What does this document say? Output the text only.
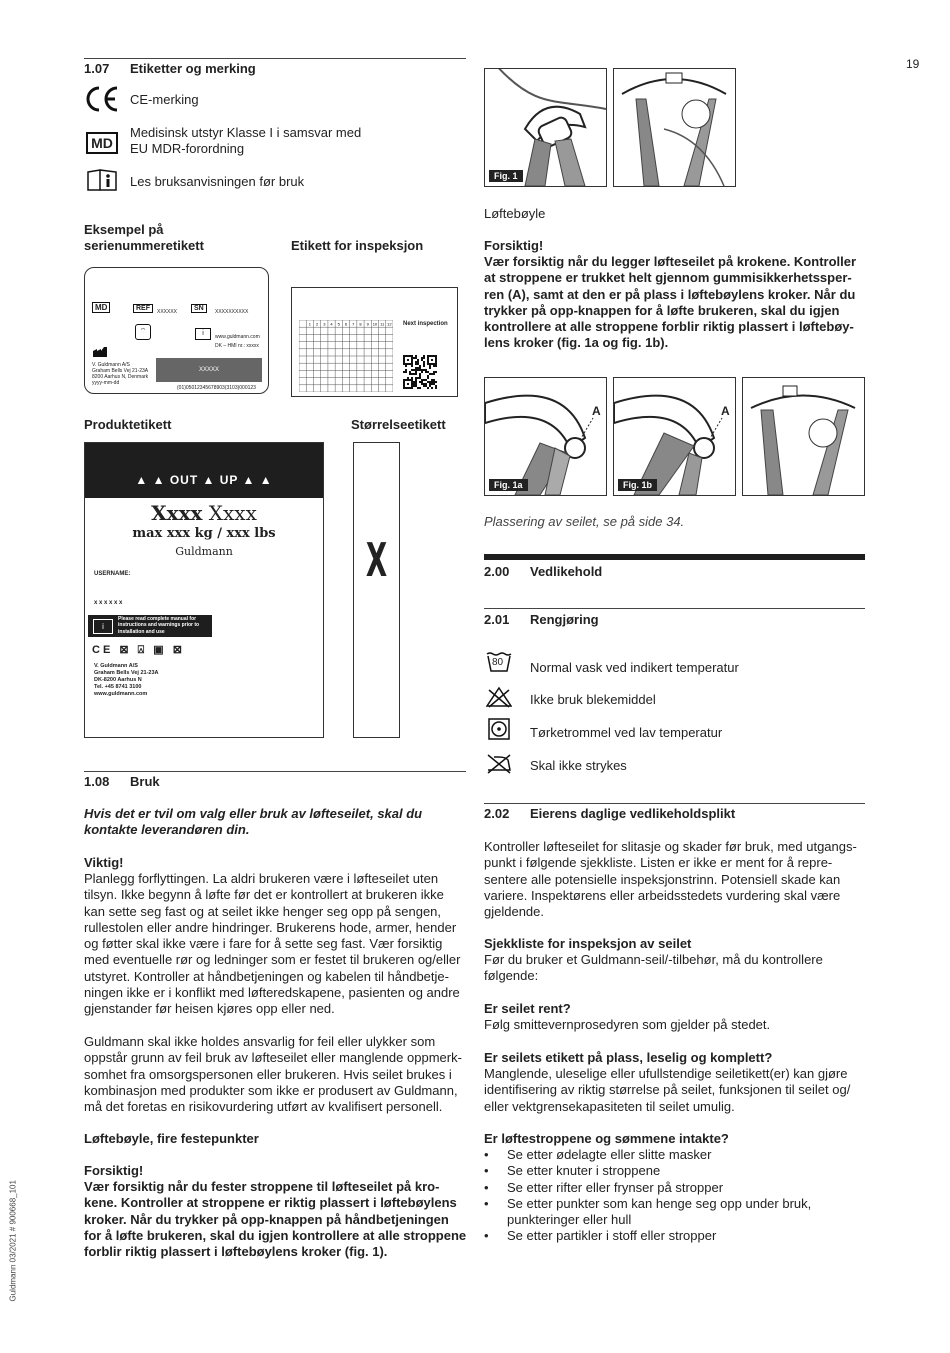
19
Guldmann 03/2021 # 900668_101
1.07 Etiketter og merking
CE-merking
MD
Medisinsk utstyr Klasse I i samsvar med
EU MDR-forordning
Les bruksanvisningen før bruk
Eksempel på
serienummeretikett	Etikett for inspeksjon
MD	REF	XXXXXX	SN	XXXXXXXXXX
⌔	i	www.guldmann.com
DK – HMI nr.: xxxxx
V. Guldmann A/S
Graham Bells Vej 21-23A
8200 Aarhus N, Denmark
yyyy-mm-dd
XXXXX
(01)05012345678903(3103)000123
1 2 3 4 5 6 7 8 9 10 11 12 Next inspection
Produktetikett	Størrelseetikett
▲ ▲ OUT ▲ UP ▲ ▲
Xxxx Xxxx
max xxx kg / xxx lbs
Guldmann
USERNAME:
x x x x x x
i
Please read complete manual for instructions and warnings prior to installation and use
CE ⊠ ⍓ ▣ ⊠
V. Guldmann A/S
Graham Bells Vej 21-23A
DK-8200 Aarhus N
Tel. +45 8741 3100
www.guldmann.com
X
1.08 Bruk
Hvis det er tvil om valg eller bruk av løfteseilet, skal du kontakte leverandøren din.
Viktig!
Planlegg forflyttingen. La aldri brukeren være i løfteseilet uten
tilsyn. Ikke begynn å løfte før det er kontrollert at brukeren ikke
kan sette seg fast og at seilet ikke henger seg opp på sengen,
rullestolen eller andre hindringer. Brukerens hode, armer, hender
og føtter skal ikke være i fare for å sette seg fast. Vær forsiktig
med eventuelle rør og ledninger som er festet til brukeren og/eller
utstyret. Kontroller at håndbetjeningen og kabelen til håndbetje-
ningen ikke er i konflikt med løfteredskapene, pasienten og andre
gjenstander før heisen kjøres opp eller ned.
Guldmann skal ikke holdes ansvarlig for feil eller ulykker som
oppstår grunn av feil bruk av løfteseilet eller manglende oppmerk-
somhet fra omsorgspersonen eller brukeren. Hvis seilet brukes i
kombinasjon med produkter som ikke er produsert av Guldmann,
må det foretas en risikovurdering utført av kvalifisert personell.
Løftebøyle, fire festepunkter
Forsiktig!
Vær forsiktig når du fester stroppene til løfteseilet på kro-
kene. Kontroller at stroppene er riktig plassert i løftebøylens
kroker. Når du trykker på opp-knappen på håndbetjeningen
for å løfte brukeren, skal du igjen kontrollere at alle stroppene
forblir riktig plassert i løftebøylens kroker (fig. 1).
Fig. 1
Løftebøyle
Forsiktig!
Vær forsiktig når du legger løfteseilet på krokene. Kontroller
at stroppene er trukket helt gjennom gummisikkerhetssper-
ren (A), samt at den er på plass i løftebøylens kroker. Når du
trykker på opp-knappen for å løfte brukeren, skal du igjen
kontrollere at alle stroppene forblir riktig plassert i løftebøy-
lens kroker (fig. 1a og fig. 1b).
A
Fig. 1a
A
Fig. 1b
Plassering av seilet, se på side 34.
2.00 Vedlikehold
2.01 Rengjøring
80 Normal vask ved indikert temperatur
Ikke bruk blekemiddel
Tørketrommel ved lav temperatur
Skal ikke strykes
2.02 Eierens daglige vedlikeholdsplikt
Kontroller løfteseilet for slitasje og skader før bruk, med utgangs-
punkt i følgende sjekkliste. Listen er ikke er ment for å repre-
sentere alle potensielle inspeksjonstrinn. Potensiell skade kan
variere. Inspektørens eller arbeidsstedets vurdering skal være
gjeldende.
Sjekkliste for inspeksjon av seilet
Før du bruker et Guldmann-seil/-tilbehør, må du kontrollere
følgende:
Er seilet rent?
Følg smittevernprosedyren som gjelder på stedet.
Er seilets etikett på plass, leselig og komplett?
Manglende, uleselige eller ufullstendige seiletikett(er) kan gjøre
identifisering av riktig størrelse på seilet, funksjonen til seilet og/
eller vektgrensekapasiteten til seilet umulig.
Er løftestroppene og sømmene intakte?
• Se etter ødelagte eller slitte masker
• Se etter knuter i stroppene
• Se etter rifter eller frynser på stropper
• Se etter punkter som kan henge seg opp under bruk,
punkteringer eller hull
• Se etter partikler i stoff eller stropper
